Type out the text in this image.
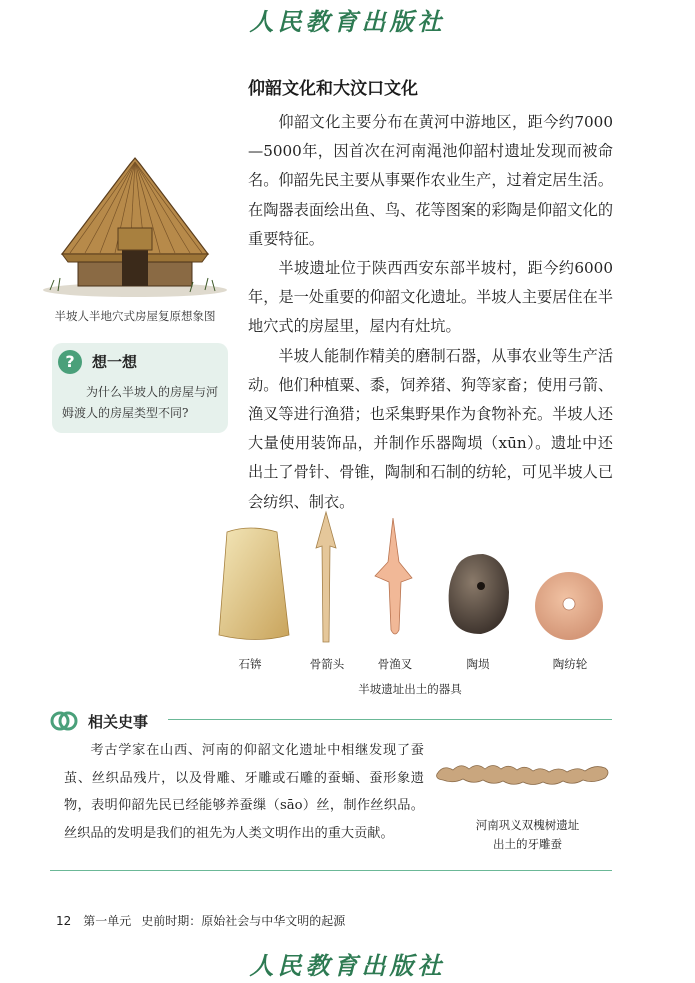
人民教育出版社
仰韶文化和大汶口文化

仰韶文化主要分布在黄河中游地区，距今约7000—5000年，因首次在河南渑池仰韶村遗址发现而被命名。仰韶先民主要从事粟作农业生产，过着定居生活。在陶器表面绘出鱼、鸟、花等图案的彩陶是仰韶文化的重要特征。

半坡遗址位于陕西西安东部半坡村，距今约6000年，是一处重要的仰韶文化遗址。半坡人主要居住在半地穴式的房屋里，屋内有灶坑。

半坡人能制作精美的磨制石器，从事农业等生产活动。他们种植粟、黍，饲养猪、狗等家畜；使用弓箭、渔叉等进行渔猎；也采集野果作为食物补充。半坡人还大量使用装饰品，并制作乐器陶埙（xūn）。遗址中还出土了骨针、骨锥，陶制和石制的纺轮，可见半坡人已会纺织、制衣。

半坡人半地穴式房屋复原想象图
?	想一想
为什么半坡人的房屋与河姆渡人的房屋类型不同?
石锛	骨箭头	骨渔叉	陶埙	陶纺轮
半坡遗址出土的器具
相关史事
考古学家在山西、河南的仰韶文化遗址中相继发现了蚕茧、丝织品残片，以及骨雕、牙雕或石雕的蚕蛹、蚕形象遗物，表明仰韶先民已经能够养蚕缫（sāo）丝，制作丝织品。丝织品的发明是我们的祖先为人类文明作出的重大贡献。
河南巩义双槐树遗址
出土的牙雕蚕
12 第一单元 史前时期：原始社会与中华文明的起源
人民教育出版社
